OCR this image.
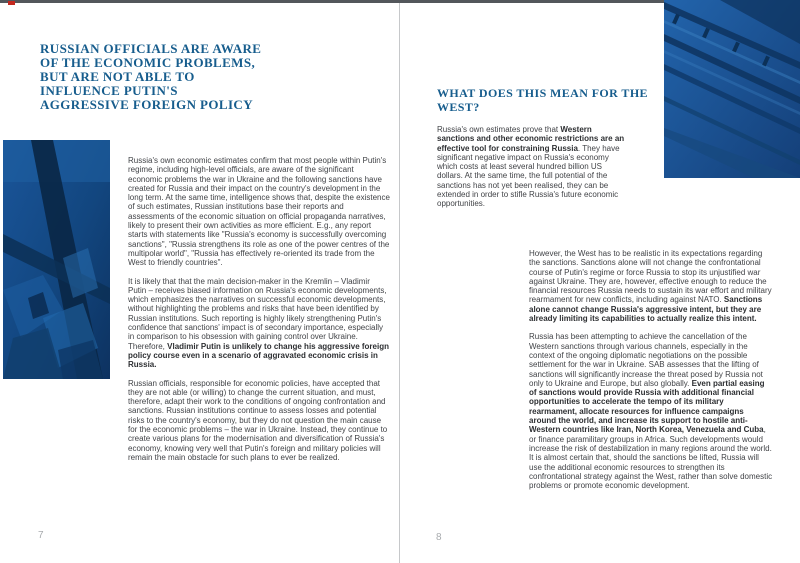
RUSSIAN OFFICIALS ARE AWARE OF THE ECONOMIC PROBLEMS, BUT ARE NOT ABLE TO INFLUENCE PUTIN'S AGGRESSIVE FOREIGN POLICY

Russia's own economic estimates confirm that most people within Putin's regime, including high-level officials, are aware of the significant economic problems the war in Ukraine and the following sanctions have created for Russia and their impact on the country's development in the long term. At the same time, intelligence shows that, despite the existence of such estimates, Russian institutions base their reports and assessments of the economic situation on official propaganda narratives, likely to present their own activities as more efficient. E.g., any report starts with statements like "Russia's economy is successfully overcoming sanctions", "Russia strengthens its role as one of the power centres of the multipolar world", "Russia has effectively re-oriented its trade from the West to friendly countries".

It is likely that that the main decision-maker in the Kremlin – Vladimir Putin – receives biased information on Russia's economic developments, which emphasizes the narratives on successful economic developments, without highlighting the problems and risks that have been identified by Russian institutions. Such reporting is highly likely strengthening Putin's confidence that sanctions' impact is of secondary importance, especially in comparison to his obsession with gaining control over Ukraine. Therefore, Vladimir Putin is unlikely to change his aggressive foreign policy course even in a scenario of aggravated economic crisis in Russia.

Russian officials, responsible for economic policies, have accepted that they are not able (or willing) to change the current situation, and must, therefore, adapt their work to the conditions of ongoing confrontation and sanctions. Russian institutions continue to assess losses and potential risks to the country's economy, but they do not question the main cause for the economic problems – the war in Ukraine. Instead, they continue to create various plans for the modernisation and diversification of Russia's economy, knowing very well that Putin's foreign and military policies will remain the main obstacle for such plans to ever be realized.

7
WHAT DOES THIS MEAN FOR THE WEST?

Russia's own estimates prove that Western sanctions and other economic restrictions are an effective tool for constraining Russia. They have significant negative impact on Russia's economy which costs at least several hundred billion US dollars. At the same time, the full potential of the sanctions has not yet been realised, they can be extended in order to stifle Russia's future economic opportunities.

However, the West has to be realistic in its expectations regarding the sanctions. Sanctions alone will not change the confrontational course of Putin's regime or force Russia to stop its unjustified war against Ukraine. They are, however, effective enough to reduce the financial resources Russia needs to sustain its war effort and military rearmament for new conflicts, including against NATO. Sanctions alone cannot change Russia's aggressive intent, but they are already limiting its capabilities to actually realize this intent.

Russia has been attempting to achieve the cancellation of the Western sanctions through various channels, especially in the context of the ongoing diplomatic negotiations on the possible settlement for the war in Ukraine. SAB assesses that the lifting of sanctions will significantly increase the threat posed by Russia not only to Ukraine and Europe, but also globally. Even partial easing of sanctions would provide Russia with additional financial opportunities to accelerate the tempo of its military rearmament, allocate resources for influence campaigns around the world, and increase its support to hostile anti-Western countries like Iran, North Korea, Venezuela and Cuba, or finance paramilitary groups in Africa. Such developments would increase the risk of destabilization in many regions around the world. It is almost certain that, should the sanctions be lifted, Russia will use the additional economic resources to strengthen its confrontational strategy against the West, rather than solve domestic problems or promote economic development.

8
